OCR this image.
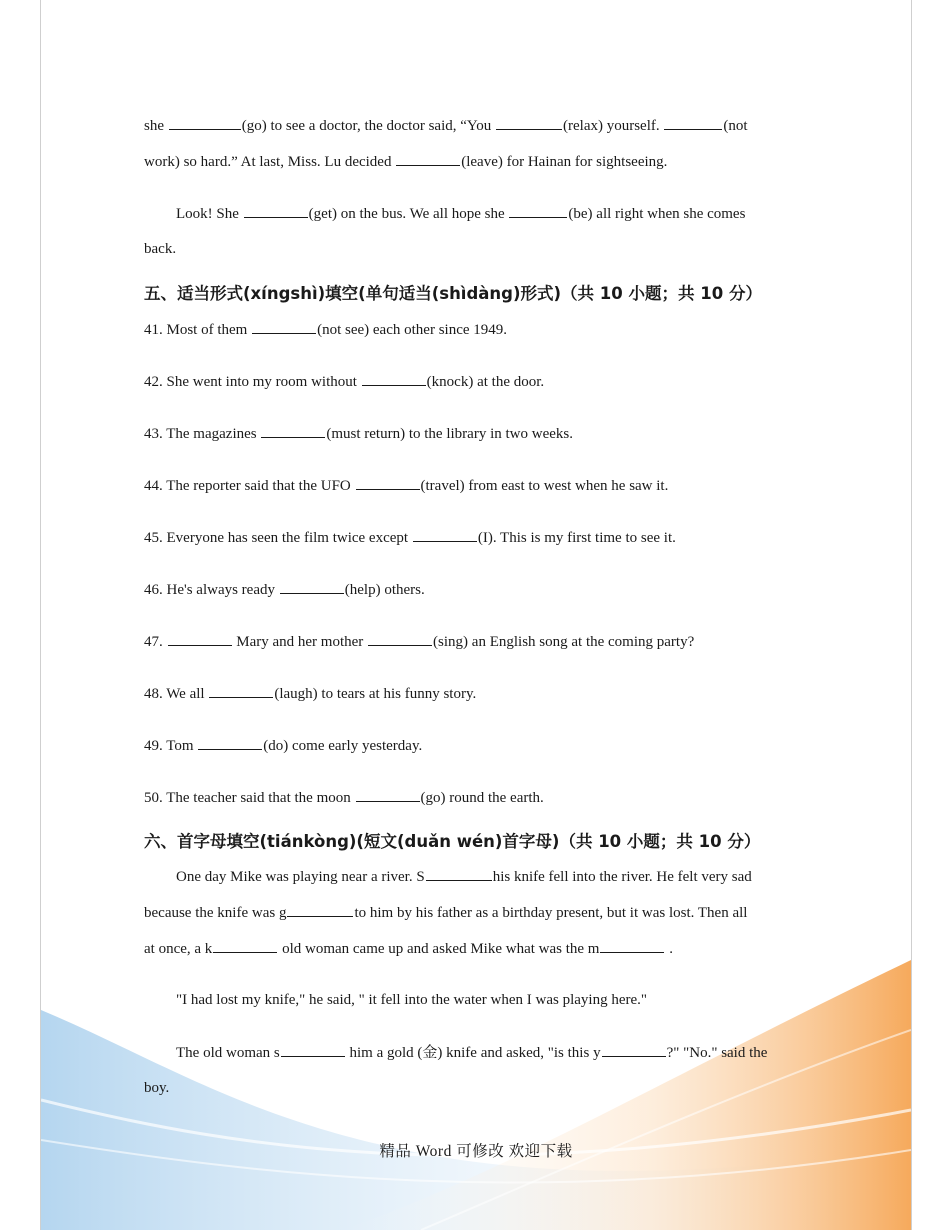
she	(go) to see a doctor, the doctor said, “You	(relax) yourself.	(not
work) so hard.” At last, Miss. Lu decided	(leave) for Hainan for sightseeing.
Look! She	(get) on the bus. We all hope she	(be) all right when she comes
back.
五、适当形式(xíngshì)填空(单句适当(shìdàng)形式)（共 10 小题；共 10 分）
41. Most of them	(not see) each other since 1949.
42. She went into my room without	(knock) at the door.
43. The magazines	(must return) to the library in two weeks.
44. The reporter said that the UFO	(travel) from east to west when he saw it.
45. Everyone has seen the film twice except	(I). This is my first time to see it.
46. He's always ready	(help) others.
47.	Mary and her mother	(sing) an English song at the coming party?
48. We all	(laugh) to tears at his funny story.
49. Tom	(do) come early yesterday.
50. The teacher said that the moon	(go) round the earth.
六、首字母填空(tiánkòng)(短文(duǎn wén)首字母)（共 10 小题；共 10 分）
One day Mike was playing near a river. S	his knife fell into the river. He felt very sad
because the knife was g	to him by his father as a birthday present, but it was lost. Then all
at once, a k	old woman came up and asked Mike what was the m	.
"I had lost my knife," he said, " it fell into the water when I was playing here."
The old woman s	him a gold (金) knife and asked, "is this y	?" "No." said the
boy.
精品 Word 可修改 欢迎下载
